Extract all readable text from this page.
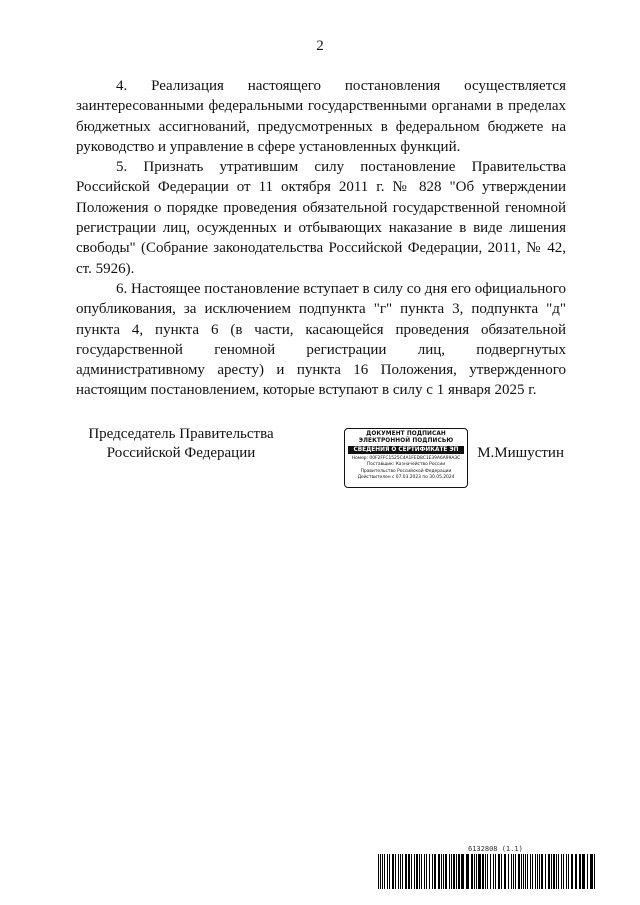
2

4. Реализация настоящего постановления осуществляется заинтересованными федеральными государственными органами в пределах бюджетных ассигнований, предусмотренных в федеральном бюджете на руководство и управление в сфере установленных функций.

5. Признать утратившим силу постановление Правительства Российской Федерации от 11 октября 2011 г. № 828 "Об утверждении Положения о порядке проведения обязательной государственной геномной регистрации лиц, осужденных и отбывающих наказание в виде лишения свободы" (Собрание законодательства Российской Федерации, 2011, № 42, ст. 5926).

6. Настоящее постановление вступает в силу со дня его официального опубликования, за исключением подпункта "г" пункта 3, подпункта "д" пункта 4, пункта 6 (в части, касающейся проведения обязательной государственной геномной регистрации лиц, подвергнутых административному аресту) и пункта 16 Положения, утвержденного настоящим постановлением, которые вступают в силу с 1 января 2025 г.

Председатель Правительства
Российской Федерации
ДОКУМЕНТ ПОДПИСАН
ЭЛЕКТРОННОЙ ПОДПИСЬЮ
СВЕДЕНИЯ О СЕРТИФИКАТЕ ЭП
Номер: 00F2FFC1525C4A1FED8C1E39A6A99A3C
Поставщик: Казначейство России
Правительство Российской Федерации
Действителен с 07.03.2023 по 30.05.2024
М.Мишустин
6132808 (1.1)
